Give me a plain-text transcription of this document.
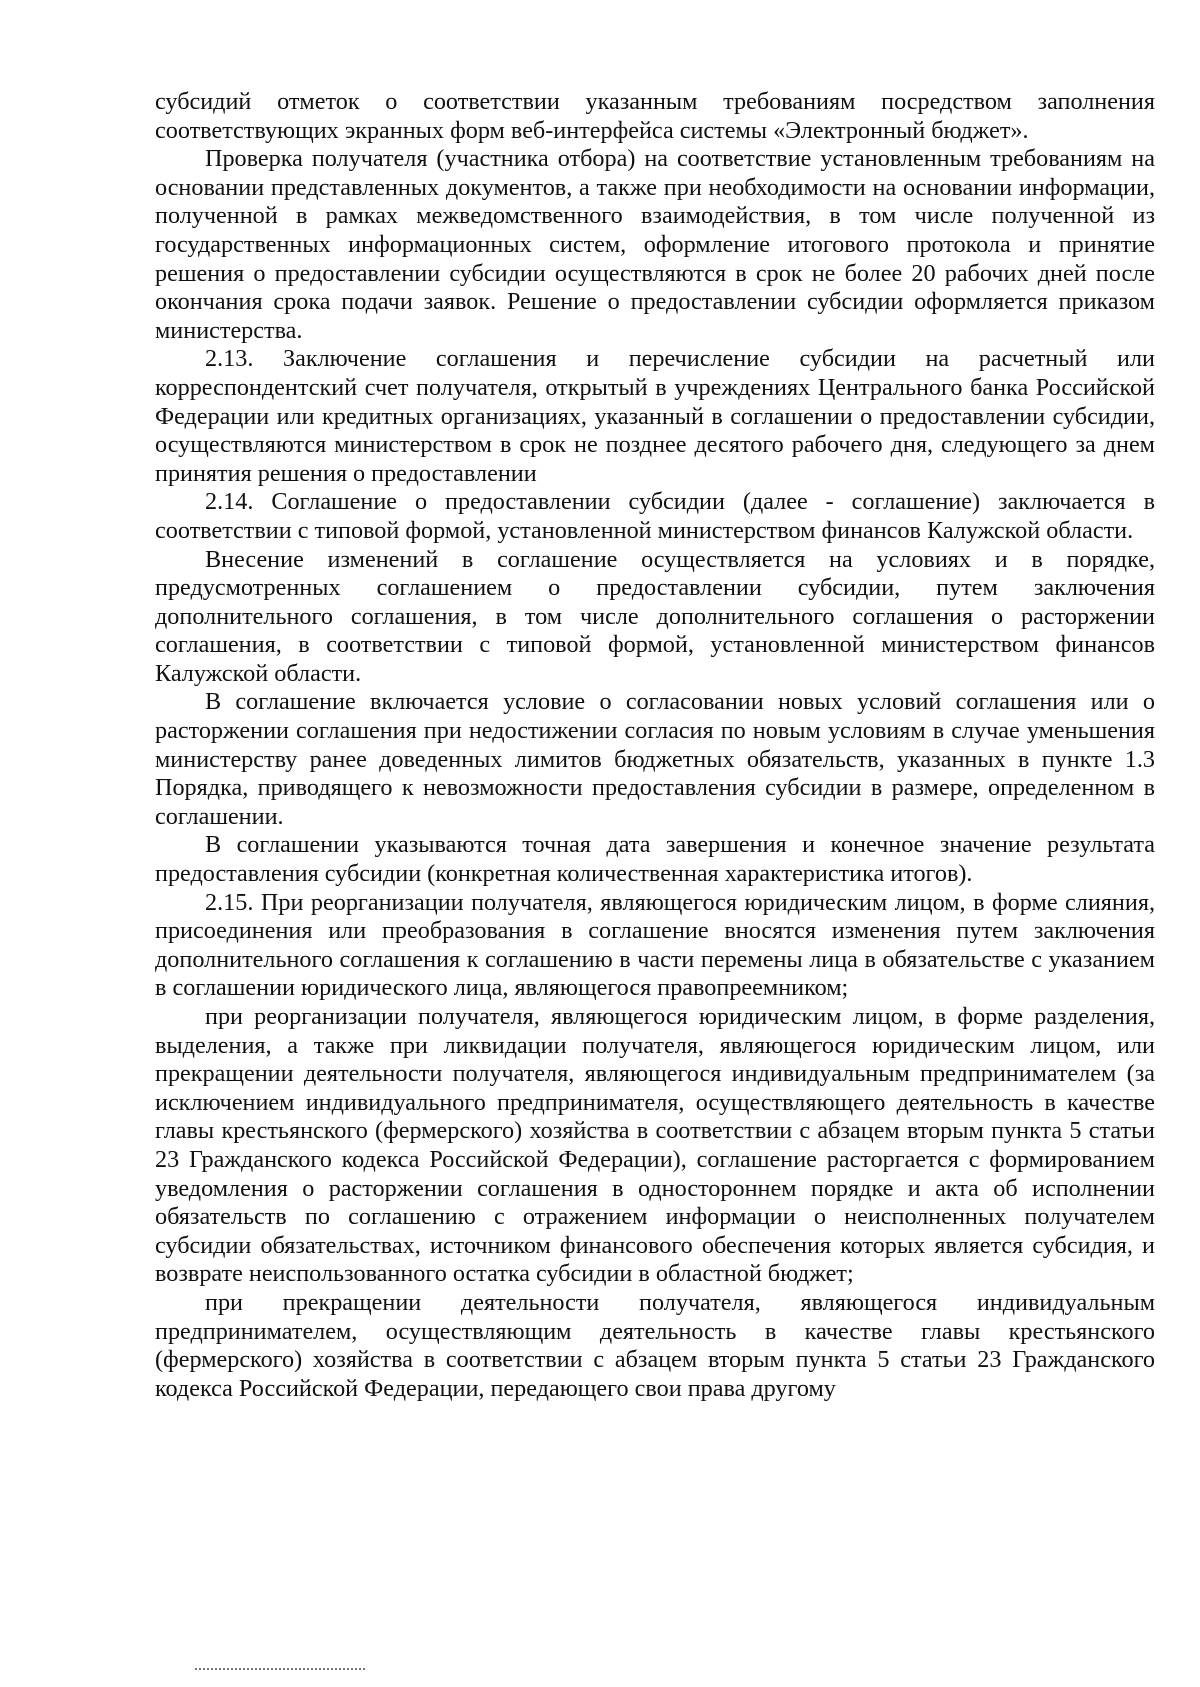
субсидий отметок о соответствии указанным требованиям посредством заполнения соответствующих экранных форм веб-интерфейса системы «Электронный бюджет».

Проверка получателя (участника отбора) на соответствие установленным требованиям на основании представленных документов, а также при необходимости на основании информации, полученной в рамках межведомственного взаимодействия, в том числе полученной из государственных информационных систем, оформление итогового протокола и принятие решения о предоставлении субсидии осуществляются в срок не более 20 рабочих дней после окончания срока подачи заявок. Решение о предоставлении субсидии оформляется приказом министерства.

2.13. Заключение соглашения и перечисление субсидии на расчетный или корреспондентский счет получателя, открытый в учреждениях Центрального банка Российской Федерации или кредитных организациях, указанный в соглашении о предоставлении субсидии, осуществляются министерством в срок не позднее десятого рабочего дня, следующего за днем принятия решения о предоставлении

2.14. Соглашение о предоставлении субсидии (далее - соглашение) заключается в соответствии с типовой формой, установленной министерством финансов Калужской области.

Внесение изменений в соглашение осуществляется на условиях и в порядке, предусмотренных соглашением о предоставлении субсидии, путем заключения дополнительного соглашения, в том числе дополнительного соглашения о расторжении соглашения, в соответствии с типовой формой, установленной министерством финансов Калужской области.

В соглашение включается условие о согласовании новых условий соглашения или о расторжении соглашения при недостижении согласия по новым условиям в случае уменьшения министерству ранее доведенных лимитов бюджетных обязательств, указанных в пункте 1.3 Порядка, приводящего к невозможности предоставления субсидии в размере, определенном в соглашении.

В соглашении указываются точная дата завершения и конечное значение результата предоставления субсидии (конкретная количественная характеристика итогов).

2.15. При реорганизации получателя, являющегося юридическим лицом, в форме слияния, присоединения или преобразования в соглашение вносятся изменения путем заключения дополнительного соглашения к соглашению в части перемены лица в обязательстве с указанием в соглашении юридического лица, являющегося правопреемником;

при реорганизации получателя, являющегося юридическим лицом, в форме разделения, выделения, а также при ликвидации получателя, являющегося юридическим лицом, или прекращении деятельности получателя, являющегося индивидуальным предпринимателем (за исключением индивидуального предпринимателя, осуществляющего деятельность в качестве главы крестьянского (фермерского) хозяйства в соответствии с абзацем вторым пункта 5 статьи 23 Гражданского кодекса Российской Федерации), соглашение расторгается с формированием уведомления о расторжении соглашения в одностороннем порядке и акта об исполнении обязательств по соглашению с отражением информации о неисполненных получателем субсидии обязательствах, источником финансового обеспечения которых является субсидия, и возврате неиспользованного остатка субсидии в областной бюджет;

при прекращении деятельности получателя, являющегося индивидуальным предпринимателем, осуществляющим деятельность в качестве главы крестьянского (фермерского) хозяйства в соответствии с абзацем вторым пункта 5 статьи 23 Гражданского кодекса Российской Федерации, передающего свои права другому
